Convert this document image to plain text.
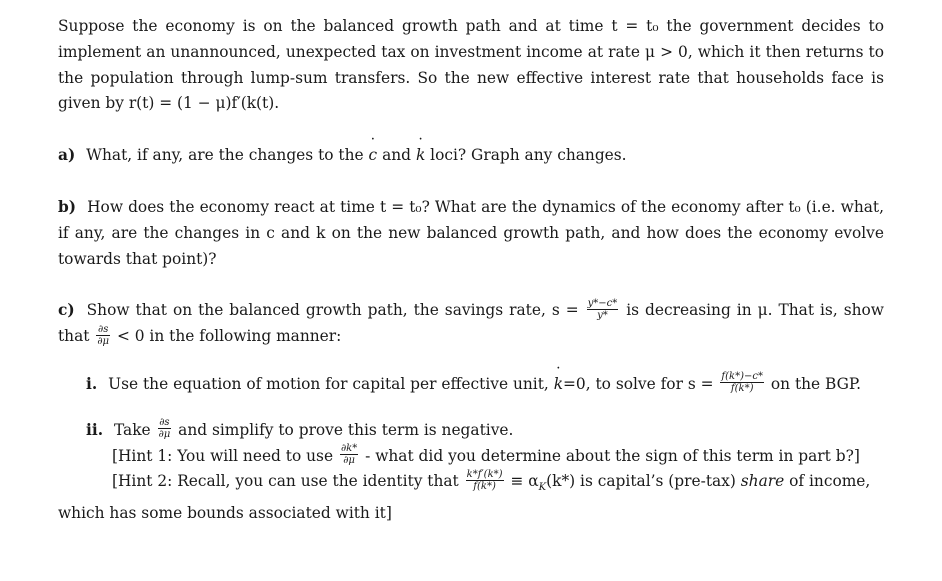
Suppose the economy is on the balanced growth path and at time t = t₀ the government decides to implement an unannounced, unexpected tax on investment income at rate μ > 0, which it then returns to the population through lump-sum transfers. So the new effective interest rate that households face is given by r(t) = (1 − μ)f′(k(t).

a) What, if any, are the changes to the ˙ c and ˙ k loci? Graph any changes.

b) How does the economy react at time t = t₀? What are the dynamics of the economy after t₀ (i.e. what, if any, are the changes in c and k on the new balanced growth path, and how does the economy evolve towards that point)?

c) Show that on the balanced growth path, the savings rate, $s = \frac{y*-c*}{y*}$ is decreasing in μ. That is, show that $\frac{\partial s}{\partial\mu} < 0$ in the following manner:

i. Use the equation of motion for capital per effective unit, ˙ k=0, to solve for $s = \frac{f(k*)-c*}{f(k*)}$ on the BGP.

ii. Take $\frac{\partial s}{\partial\mu}$ and simplify to prove this term is negative.

[Hint 1: You will need to use $\frac{\partial k*}{\partial\mu}$ - what did you determine about the sign of this term in part b?]

[Hint 2: Recall, you can use the identity that $\frac{k*f'(k*)}{f(k*)} \equiv \alpha_K(k*)$ is capital’s (pre-tax) share of income,

which has some bounds associated with it]
